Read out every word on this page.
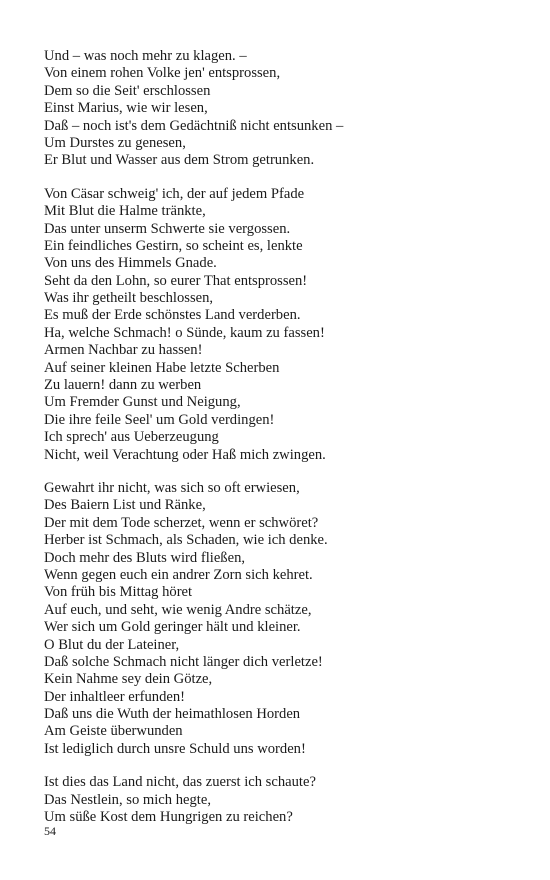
Und – was noch mehr zu klagen. –
Von einem rohen Volke jen' entsprossen,
Dem so die Seit' erschlossen
Einst Marius, wie wir lesen,
Daß – noch ist's dem Gedächtniß nicht entsunken –
Um Durstes zu genesen,
Er Blut und Wasser aus dem Strom getrunken.
Von Cäsar schweig' ich, der auf jedem Pfade
Mit Blut die Halme tränkte,
Das unter unserm Schwerte sie vergossen.
Ein feindliches Gestirn, so scheint es, lenkte
Von uns des Himmels Gnade.
Seht da den Lohn, so eurer That entsprossen!
Was ihr getheilt beschlossen,
Es muß der Erde schönstes Land verderben.
Ha, welche Schmach! o Sünde, kaum zu fassen!
Armen Nachbar zu hassen!
Auf seiner kleinen Habe letzte Scherben
Zu lauern! dann zu werben
Um Fremder Gunst und Neigung,
Die ihre feile Seel' um Gold verdingen!
Ich sprech' aus Ueberzeugung
Nicht, weil Verachtung oder Haß mich zwingen.
Gewahrt ihr nicht, was sich so oft erwiesen,
Des Baiern List und Ränke,
Der mit dem Tode scherzet, wenn er schwöret?
Herber ist Schmach, als Schaden, wie ich denke.
Doch mehr des Bluts wird fließen,
Wenn gegen euch ein andrer Zorn sich kehret.
Von früh bis Mittag höret
Auf euch, und seht, wie wenig Andre schätze,
Wer sich um Gold geringer hält und kleiner.
O Blut du der Lateiner,
Daß solche Schmach nicht länger dich verletze!
Kein Nahme sey dein Götze,
Der inhaltleer erfunden!
Daß uns die Wuth der heimathlosen Horden
Am Geiste überwunden
Ist lediglich durch unsre Schuld uns worden!
Ist dies das Land nicht, das zuerst ich schaute?
Das Nestlein, so mich hegte,
Um süße Kost dem Hungrigen zu reichen?
54
